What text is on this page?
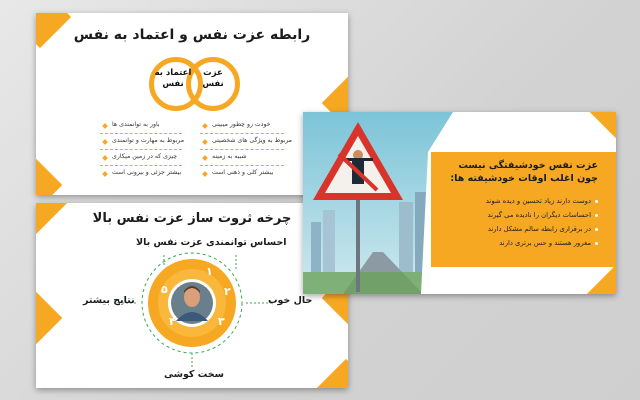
رابطه عزت نفس و اعتماد به نفس
اعتماد به نفس
عزت نفس
باور به توانمندی ها
مربوط به مهارت و توانمندی
چیزی که در زمین میکاری
بیشتر جزئی و بیرونی است
خودت رو چطور میبینی
مربوط به ویژگی های شخصیتی
شبیه به زمینه
بیشتر کلی و ذهنی است
چرخه ثروت ساز عزت نفس بالا
۱
۲
۳
۴
۵
عزت نفس بالا احساس توانمندی
حال خوب
سخت کوشی
نتایج بیشتر
عزت نفس خودشیفتگی نیست
چون اغلب اوقات خودشیفته ها:
دوست دارند زیاد تحسین و دیده شوند
احساسات دیگران را نادیده می گیرند
در برقراری رابطه سالم مشکل دارند
مغرور هستند و حس برتری دارند
